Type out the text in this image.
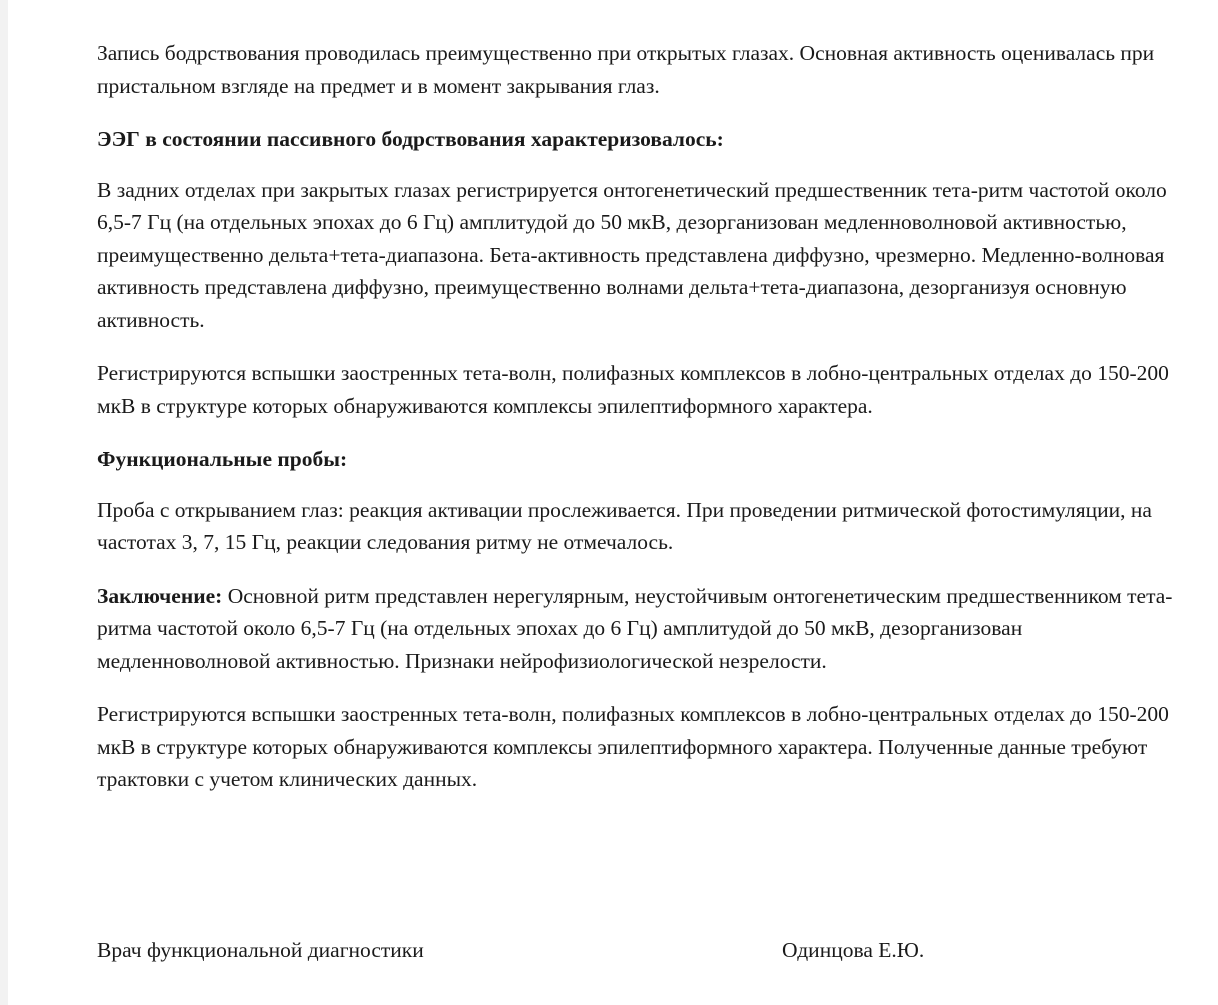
Запись бодрствования проводилась преимущественно при открытых глазах. Основная активность оценивалась при пристальном взгляде на предмет и в момент закрывания глаз.

ЭЭГ в состоянии пассивного бодрствования характеризовалось:

В задних отделах при закрытых глазах регистрируется онтогенетический предшественник тета-ритм частотой около 6,5-7 Гц (на отдельных эпохах до 6 Гц) амплитудой до 50 мкВ, дезорганизован медленноволновой активностью, преимущественно дельта+тета-диапазона. Бета-активность представлена диффузно, чрезмерно. Медленно-волновая активность представлена диффузно, преимущественно волнами дельта+тета-диапазона, дезорганизуя основную активность.

Регистрируются вспышки заостренных тета-волн, полифазных комплексов в лобно-центральных отделах до 150-200 мкВ в структуре которых обнаруживаются комплексы эпилептиформного характера.

Функциональные пробы:

Проба с открыванием глаз: реакция активации прослеживается. При проведении ритмической фотостимуляции, на частотах 3, 7, 15 Гц, реакции следования ритму не отмечалось.

Заключение: Основной ритм представлен нерегулярным, неустойчивым онтогенетическим предшественником тета-ритма частотой около 6,5-7 Гц (на отдельных эпохах до 6 Гц) амплитудой до 50 мкВ, дезорганизован медленноволновой активностью. Признаки нейрофизиологической незрелости.

Регистрируются вспышки заостренных тета-волн, полифазных комплексов в лобно-центральных отделах до 150-200 мкВ в структуре которых обнаруживаются комплексы эпилептиформного характера. Полученные данные требуют трактовки с учетом клинических данных.

Врач функциональной диагностики	Одинцова Е.Ю.
